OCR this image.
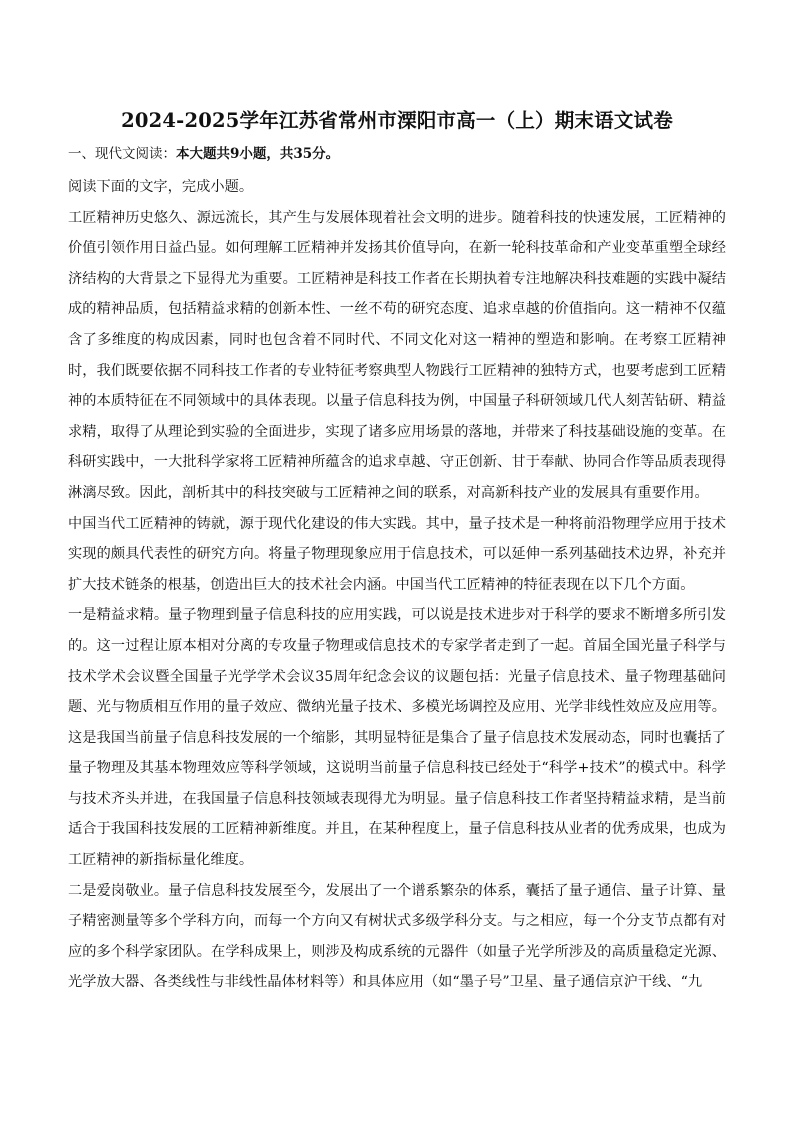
2024-2025学年江苏省常州市溧阳市高一（上）期末语文试卷
一、现代文阅读：本大题共9小题，共35分。

阅读下面的文字，完成小题。

工匠精神历史悠久、源远流长，其产生与发展体现着社会文明的进步。随着科技的快速发展，工匠精神的价值引领作用日益凸显。如何理解工匠精神并发扬其价值导向，在新一轮科技革命和产业变革重塑全球经济结构的大背景之下显得尤为重要。工匠精神是科技工作者在长期执着专注地解决科技难题的实践中凝结成的精神品质，包括精益求精的创新本性、一丝不苟的研究态度、追求卓越的价值指向。这一精神不仅蕴含了多维度的构成因素，同时也包含着不同时代、不同文化对这一精神的塑造和影响。在考察工匠精神时，我们既要依据不同科技工作者的专业特征考察典型人物践行工匠精神的独特方式，也要考虑到工匠精神的本质特征在不同领域中的具体表现。以量子信息科技为例，中国量子科研领域几代人刻苦钻研、精益求精，取得了从理论到实验的全面进步，实现了诸多应用场景的落地，并带来了科技基础设施的变革。在科研实践中，一大批科学家将工匠精神所蕴含的追求卓越、守正创新、甘于奉献、协同合作等品质表现得淋漓尽致。因此，剖析其中的科技突破与工匠精神之间的联系，对高新科技产业的发展具有重要作用。

中国当代工匠精神的铸就，源于现代化建设的伟大实践。其中，量子技术是一种将前沿物理学应用于技术实现的颇具代表性的研究方向。将量子物理现象应用于信息技术，可以延伸一系列基础技术边界，补充并扩大技术链条的根基，创造出巨大的技术社会内涵。中国当代工匠精神的特征表现在以下几个方面。

一是精益求精。量子物理到量子信息科技的应用实践，可以说是技术进步对于科学的要求不断增多所引发的。这一过程让原本相对分离的专攻量子物理或信息技术的专家学者走到了一起。首届全国光量子科学与技术学术会议暨全国量子光学学术会议35周年纪念会议的议题包括：光量子信息技术、量子物理基础问题、光与物质相互作用的量子效应、微纳光量子技术、多模光场调控及应用、光学非线性效应及应用等。这是我国当前量子信息科技发展的一个缩影，其明显特征是集合了量子信息技术发展动态，同时也囊括了量子物理及其基本物理效应等科学领域，这说明当前量子信息科技已经处于“科学+技术”的模式中。科学与技术齐头并进，在我国量子信息科技领域表现得尤为明显。量子信息科技工作者坚持精益求精，是当前适合于我国科技发展的工匠精神新维度。并且，在某种程度上，量子信息科技从业者的优秀成果，也成为工匠精神的新指标量化维度。

二是爱岗敬业。量子信息科技发展至今，发展出了一个谱系繁杂的体系，囊括了量子通信、量子计算、量子精密测量等多个学科方向，而每一个方向又有树状式多级学科分支。与之相应，每一个分支节点都有对应的多个科学家团队。在学科成果上，则涉及构成系统的元器件（如量子光学所涉及的高质量稳定光源、光学放大器、各类线性与非线性晶体材料等）和具体应用（如“墨子号”卫星、量子通信京沪干线、“九
